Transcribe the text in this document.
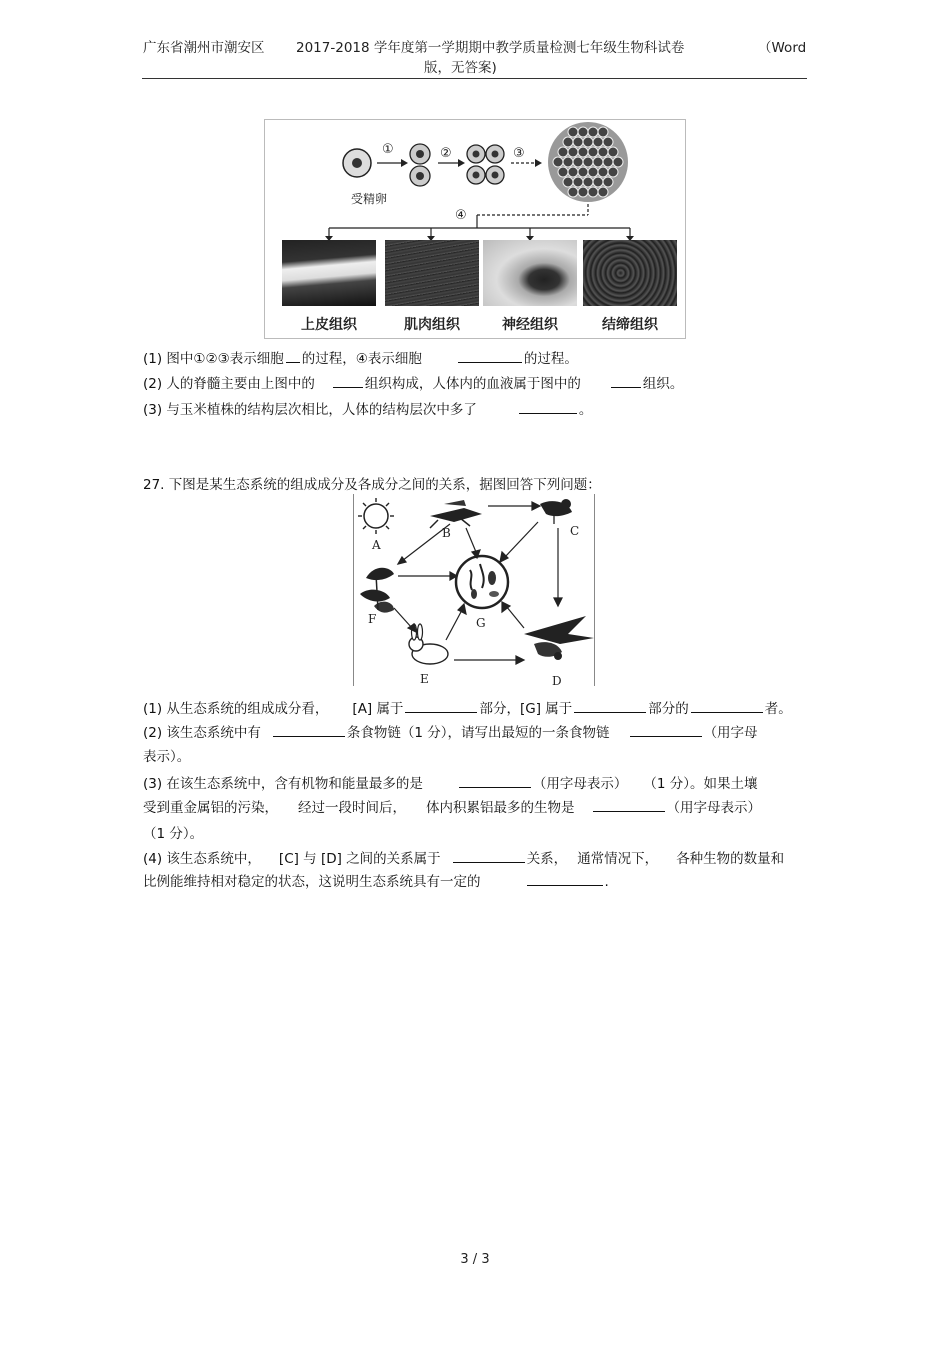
广东省潮州市潮安区 2017-2018 学年度第一学期期中教学质量检测七年级生物科试卷	（Word
版，无答案)
受精卵
①	②	③
④
上皮组织	肌肉组织	神经组织	结缔组织
(1) 图中①②③表示细胞 的过程，④表示细胞	的过程。
(2) 人的脊髓主要由上图中的	组织构成，人体内的血液属于图中的	组织。
(3) 与玉米植株的结构层次相比，人体的结构层次中多了	。
27. 下图是某生态系统的组成成分及各成分之间的关系，据图回答下列问题：
A
B	C
F	G
E	D
(1) 从生态系统的组成成分看， [A] 属于	部分，[G] 属于	部分的	者。
(2) 该生态系统中有	条食物链（1 分），请写出最短的一条食物链	（用字母
表示）。
(3) 在该生态系统中，含有机物和能量最多的是	（用字母表示） （1 分）。如果土壤
受到重金属铝的污染， 经过一段时间后， 体内积累铝最多的生物是	（用字母表示）
（1 分）。
(4) 该生态系统中， [C] 与 [D] 之间的关系属于	关系， 通常情况下， 各种生物的数量和
比例能维持相对稳定的状态，这说明生态系统具有一定的	.
3 / 3
